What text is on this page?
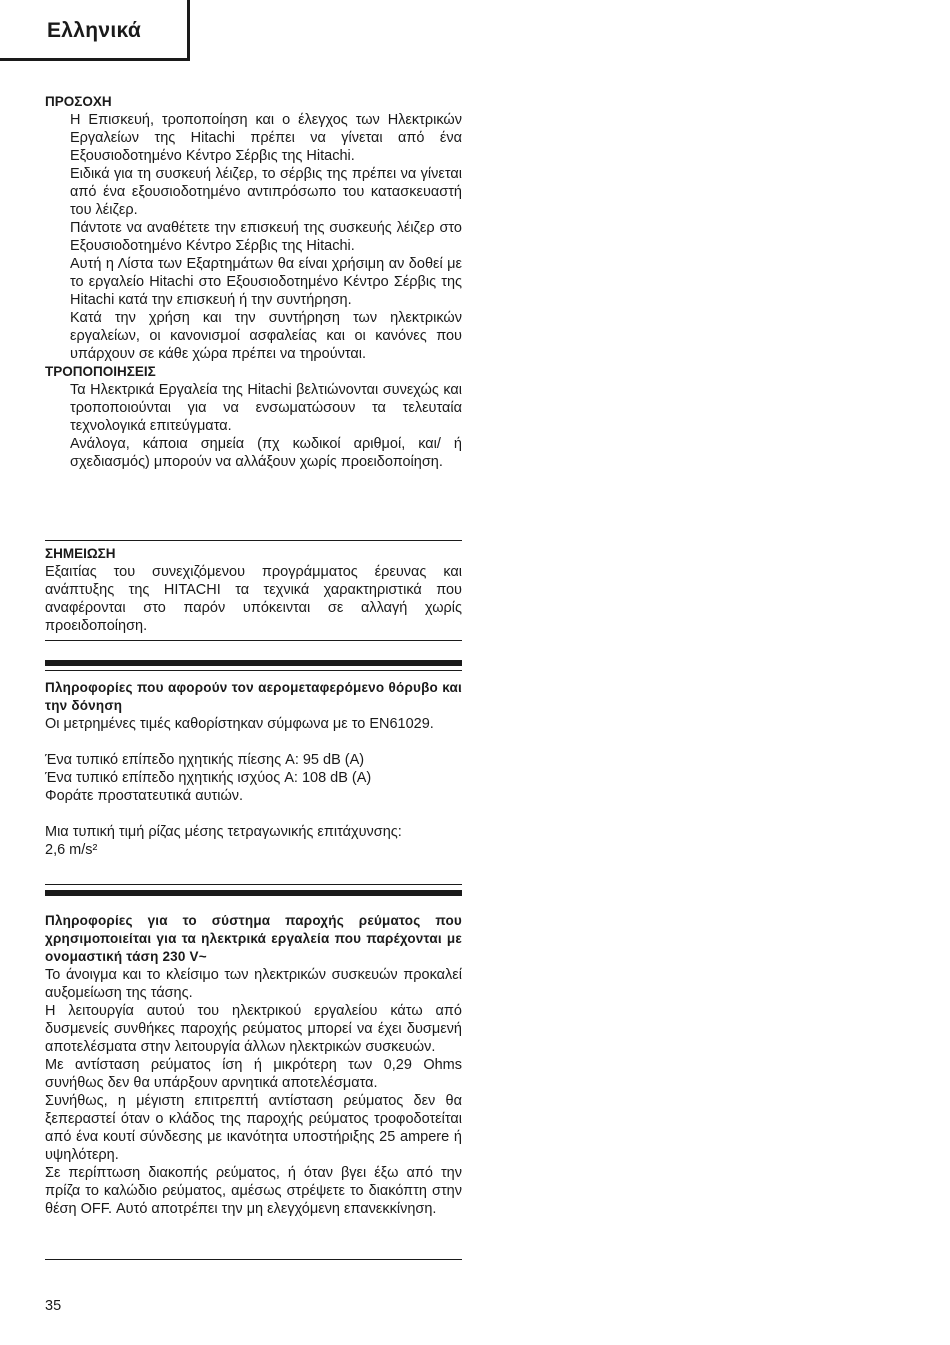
Ελληνικά
ΠΡΟΣΟΧΗ

Η Επισκευή, τροποποίηση και ο έλεγχος των Ηλεκτρικών Εργαλείων της Hitachi πρέπει να γίνεται από ένα Εξουσιοδοτημένο Κέντρο Σέρβις της Hitachi.

Ειδικά για τη συσκευή λέιζερ, το σέρβις της πρέπει να γίνεται από ένα εξουσιοδοτημένο αντιπρόσωπο του κατασκευαστή του λέιζερ.

Πάντοτε να αναθέτετε την επισκευή της συσκευής λέιζερ στο Εξουσιοδοτημένο Κέντρο Σέρβις της Hitachi.

Αυτή η Λίστα των Εξαρτημάτων θα είναι χρήσιμη αν δοθεί με το εργαλείο Hitachi στο Εξουσιοδοτημένο Κέντρο Σέρβις της Hitachi κατά την επισκευή ή την συντήρηση.

Κατά την χρήση και την συντήρηση των ηλεκτρικών εργαλείων, οι κανονισμοί ασφαλείας και οι κανόνες που υπάρχουν σε κάθε χώρα πρέπει να τηρούνται.

ΤΡΟΠΟΠΟΙΗΣΕΙΣ

Τα Ηλεκτρικά Εργαλεία της Hitachi βελτιώνονται συνεχώς και τροποποιούνται για να ενσωματώσουν τα τελευταία τεχνολογικά επιτεύγματα.

Ανάλογα, κάποια σημεία (πχ κωδικοί αριθμοί, και/ ή σχεδιασμός) μπορούν να αλλάξουν χωρίς προειδοποίηση.

ΣΗΜΕΙΩΣΗ

Εξαιτίας του συνεχιζόμενου προγράμματος έρευνας και ανάπτυξης της HITACHI τα τεχνικά χαρακτηριστικά που αναφέρονται στο παρόν υπόκεινται σε αλλαγή χωρίς προειδοποίηση.

Πληροφορίες που αφορούν τον αερομεταφερόμενο θόρυβο και την δόνηση
Οι μετρημένες τιμές καθορίστηκαν σύμφωνα με το EN61029.
Ένα τυπικό επίπεδο ηχητικής πίεσης A: 95 dB (A)
Ένα τυπικό επίπεδο ηχητικής ισχύος A: 108 dB (A)
Φοράτε προστατευτικά αυτιών.
Μια τυπική τιμή ρίζας μέσης τετραγωνικής επιτάχυνσης:
2,6 m/s²
Πληροφορίες για το σύστημα παροχής ρεύματος που χρησιμοποιείται για τα ηλεκτρικά εργαλεία που παρέχονται με ονομαστική τάση 230 V~

Το άνοιγμα και το κλείσιμο των ηλεκτρικών συσκευών προκαλεί αυξομείωση της τάσης.

Η λειτουργία αυτού του ηλεκτρικού εργαλείου κάτω από δυσμενείς συνθήκες παροχής ρεύματος μπορεί να έχει δυσμενή αποτελέσματα στην λειτουργία άλλων ηλεκτρικών συσκευών.

Με αντίσταση ρεύματος ίση ή μικρότερη των 0,29 Ohms συνήθως δεν θα υπάρξουν αρνητικά αποτελέσματα.

Συνήθως, η μέγιστη επιτρεπτή αντίσταση ρεύματος δεν θα ξεπεραστεί όταν ο κλάδος της παροχής ρεύματος τροφοδοτείται από ένα κουτί σύνδεσης με ικανότητα υποστήριξης 25 ampere ή υψηλότερη.

Σε περίπτωση διακοπής ρεύματος, ή όταν βγει έξω από την πρίζα το καλώδιο ρεύματος, αμέσως στρέψετε το διακόπτη στην θέση OFF. Αυτό αποτρέπει την μη ελεγχόμενη επανεκκίνηση.

35
